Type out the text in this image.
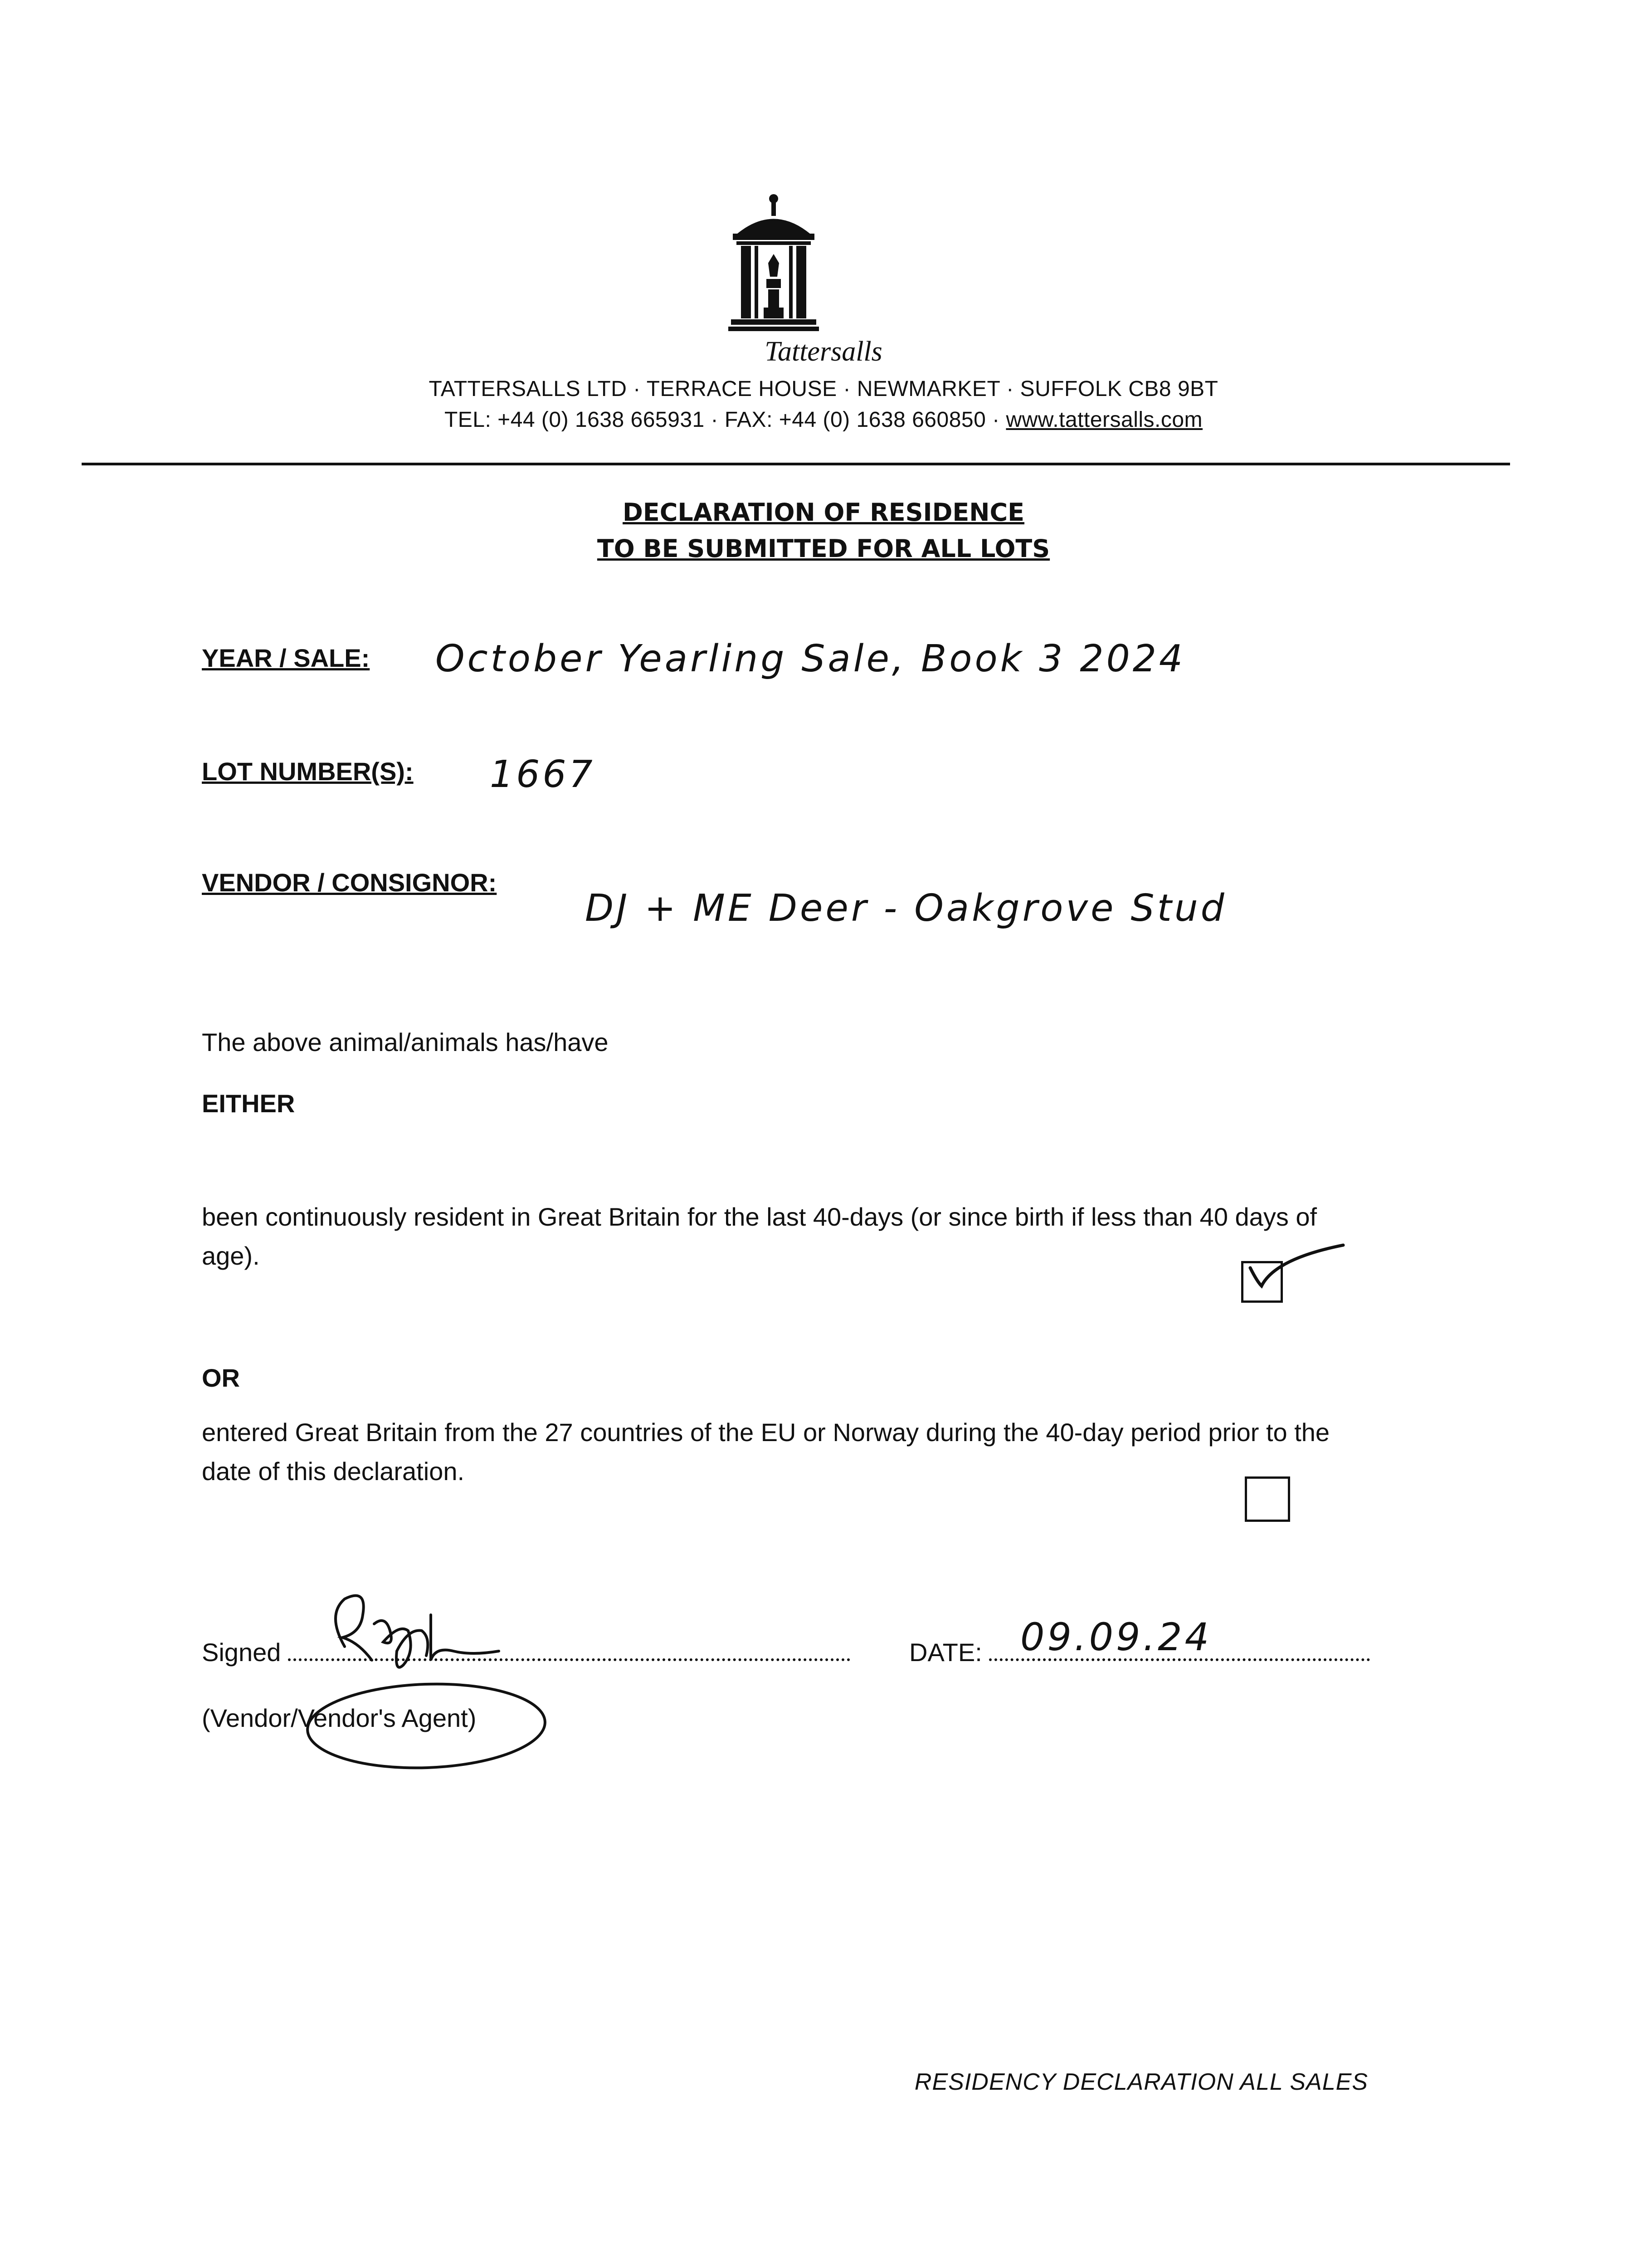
Tattersalls
TATTERSALLS LTD · TERRACE HOUSE · NEWMARKET · SUFFOLK CB8 9BT
TEL: +44 (0) 1638 665931 · FAX: +44 (0) 1638 660850 · www.tattersalls.com
DECLARATION OF RESIDENCE
TO BE SUBMITTED FOR ALL LOTS
YEAR / SALE: October Yearling Sale, Book 3 2024
LOT NUMBER(S): 1667
VENDOR / CONSIGNOR:
DJ + ME Deer - Oakgrove Stud
The above animal/animals has/have
EITHER
been continuously resident in Great Britain for the last 40-days (or since birth if less than 40 days of age).
OR
entered Great Britain from the 27 countries of the EU or Norway during the 40-day period prior to the date of this declaration.
Signed	DATE:	09.09.24
(Vendor/Vendor's Agent)
RESIDENCY DECLARATION ALL SALES
